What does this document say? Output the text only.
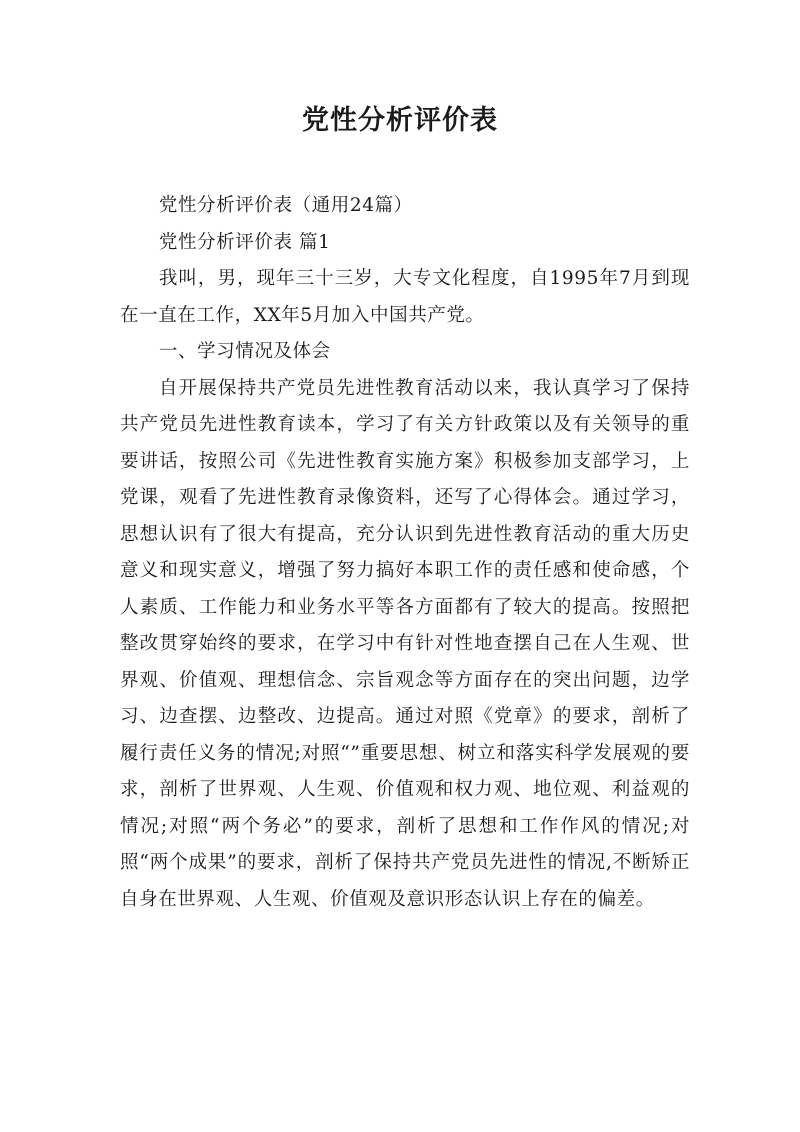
党性分析评价表

党性分析评价表（通用24篇）

党性分析评价表 篇1

我叫，男，现年三十三岁，大专文化程度，自1995年7月到现在一直在工作，XX年5月加入中国共产党。

一、学习情况及体会

自开展保持共产党员先进性教育活动以来，我认真学习了保持共产党员先进性教育读本，学习了有关方针政策以及有关领导的重要讲话，按照公司《先进性教育实施方案》积极参加支部学习，上党课，观看了先进性教育录像资料，还写了心得体会。通过学习，思想认识有了很大有提高，充分认识到先进性教育活动的重大历史意义和现实意义，增强了努力搞好本职工作的责任感和使命感，个人素质、工作能力和业务水平等各方面都有了较大的提高。按照把整改贯穿始终的要求，在学习中有针对性地查摆自己在人生观、世界观、价值观、理想信念、宗旨观念等方面存在的突出问题，边学习、边查摆、边整改、边提高。通过对照《党章》的要求，剖析了履行责任义务的情况;对照“”重要思想、树立和落实科学发展观的要求，剖析了世界观、人生观、价值观和权力观、地位观、利益观的情况;对照“两个务必”的要求，剖析了思想和工作作风的情况;对照“两个成果”的要求，剖析了保持共产党员先进性的情况,不断矫正自身在世界观、人生观、价值观及意识形态认识上存在的偏差。
